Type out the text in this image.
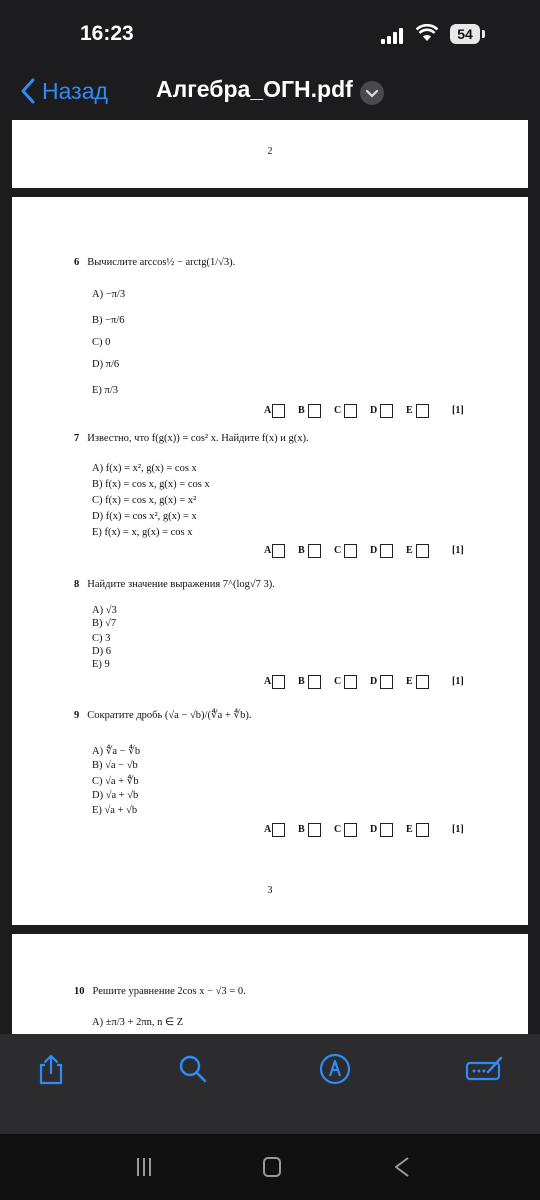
16:23	54
Назад Алгебра_ОГН.pdf
2
6 Вычислите arccos½ − arctg(1/√3).
A) −π/3
B) −π/6
C) 0
D) π/6
E) π/3
A	B	C	D	E	[1]
7 Известно, что f(g(x)) = cos² x. Найдите f(x) и g(x).
A) f(x) = x², g(x) = cos x
B) f(x) = cos x, g(x) = cos x
C) f(x) = cos x, g(x) = x²
D) f(x) = cos x², g(x) = x
E) f(x) = x, g(x) = cos x
A	B	C	D	E	[1]
8 Найдите значение выражения 7^(log√7 3).
A) √3
B) √7
C) 3
D) 6
E) 9
A	B	C	D	E	[1]
9 Сократите дробь (√a − √b)/(∜a + ∜b).
A) ∜a − ∜b
B) √a − √b
C) √a + ∜b
D) √a + √b
E) √a + √b
A	B	C	D	E	[1]
3
10 Решите уравнение 2cos x − √3 = 0.
A) ±π/3 + 2πn, n ∈ Z
